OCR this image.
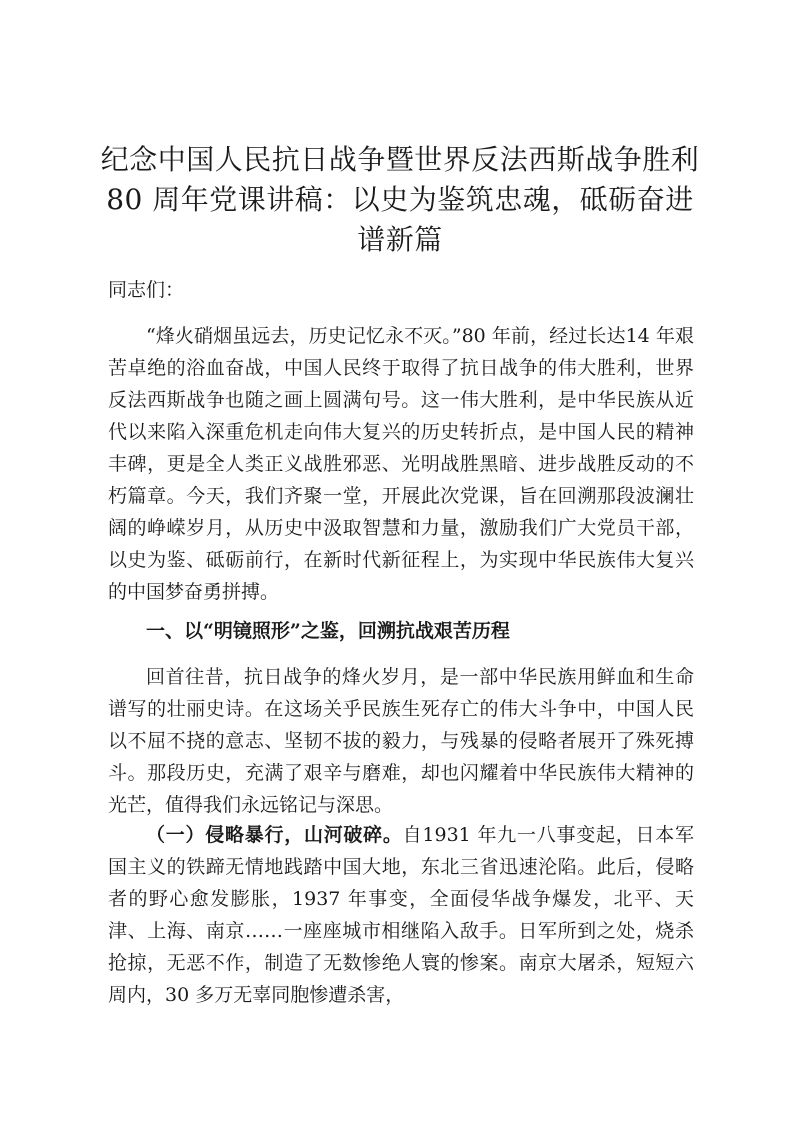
纪念中国人民抗日战争暨世界反法西斯战争胜利80 周年党课讲稿：以史为鉴筑忠魂，砥砺奋进谱新篇

同志们：

“烽火硝烟虽远去，历史记忆永不灭。”80 年前，经过长达14 年艰苦卓绝的浴血奋战，中国人民终于取得了抗日战争的伟大胜利，世界反法西斯战争也随之画上圆满句号。这一伟大胜利，是中华民族从近代以来陷入深重危机走向伟大复兴的历史转折点，是中国人民的精神丰碑，更是全人类正义战胜邪恶、光明战胜黑暗、进步战胜反动的不朽篇章。今天，我们齐聚一堂，开展此次党课，旨在回溯那段波澜壮阔的峥嵘岁月，从历史中汲取智慧和力量，激励我们广大党员干部，以史为鉴、砥砺前行，在新时代新征程上，为实现中华民族伟大复兴的中国梦奋勇拼搏。

一、以“明镜照形”之鉴，回溯抗战艰苦历程

回首往昔，抗日战争的烽火岁月，是一部中华民族用鲜血和生命谱写的壮丽史诗。在这场关乎民族生死存亡的伟大斗争中，中国人民以不屈不挠的意志、坚韧不拔的毅力，与残暴的侵略者展开了殊死搏斗。那段历史，充满了艰辛与磨难，却也闪耀着中华民族伟大精神的光芒，值得我们永远铭记与深思。

（一）侵略暴行，山河破碎。自1931 年九一八事变起，日本军国主义的铁蹄无情地践踏中国大地，东北三省迅速沦陷。此后，侵略者的野心愈发膨胀，1937 年事变，全面侵华战争爆发，北平、天津、上海、南京……一座座城市相继陷入敌手。日军所到之处，烧杀抢掠，无恶不作，制造了无数惨绝人寰的惨案。南京大屠杀，短短六周内，30 多万无辜同胞惨遭杀害，
